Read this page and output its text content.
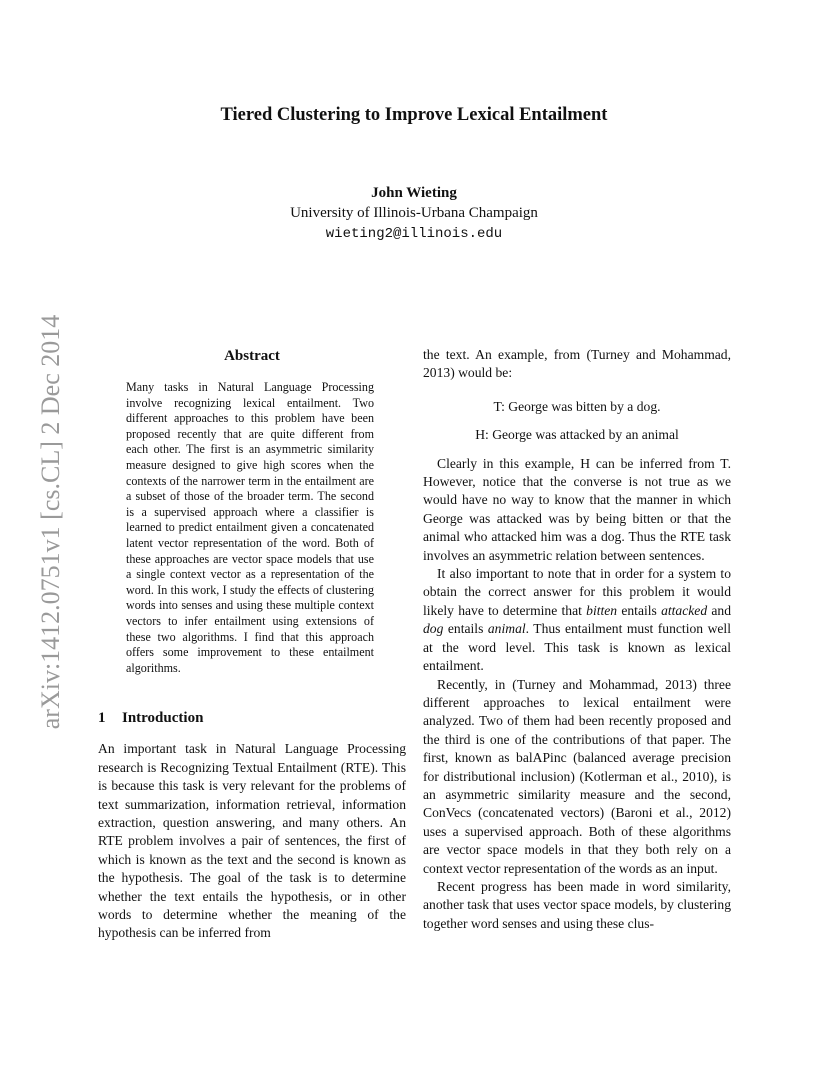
arXiv:1412.0751v1 [cs.CL] 2 Dec 2014
Tiered Clustering to Improve Lexical Entailment
John Wieting
University of Illinois-Urbana Champaign
wieting2@illinois.edu
Abstract

Many tasks in Natural Language Processing involve recognizing lexical entailment. Two different approaches to this problem have been proposed recently that are quite different from each other. The first is an asymmetric similarity measure designed to give high scores when the contexts of the narrower term in the entailment are a subset of those of the broader term. The second is a supervised approach where a classifier is learned to predict entailment given a concatenated latent vector representation of the word. Both of these approaches are vector space models that use a single context vector as a representation of the word. In this work, I study the effects of clustering words into senses and using these multiple context vectors to infer entailment using extensions of these two algorithms. I find that this approach offers some improvement to these entailment algorithms.

1 Introduction

An important task in Natural Language Processing research is Recognizing Textual Entailment (RTE). This is because this task is very relevant for the problems of text summarization, information retrieval, information extraction, question answering, and many others. An RTE problem involves a pair of sentences, the first of which is known as the text and the second is known as the hypothesis. The goal of the task is to determine whether the text entails the hypothesis, or in other words to determine whether the meaning of the hypothesis can be inferred from

the text. An example, from (Turney and Mohammad, 2013) would be:

T: George was bitten by a dog.

H: George was attacked by an animal

Clearly in this example, H can be inferred from T. However, notice that the converse is not true as we would have no way to know that the manner in which George was attacked was by being bitten or that the animal who attacked him was a dog. Thus the RTE task involves an asymmetric relation between sentences.

It also important to note that in order for a system to obtain the correct answer for this problem it would likely have to determine that bitten entails attacked and dog entails animal. Thus entailment must function well at the word level. This task is known as lexical entailment.

Recently, in (Turney and Mohammad, 2013) three different approaches to lexical entailment were analyzed. Two of them had been recently proposed and the third is one of the contributions of that paper. The first, known as balAPinc (balanced average precision for distributional inclusion) (Kotlerman et al., 2010), is an asymmetric similarity measure and the second, ConVecs (concatenated vectors) (Baroni et al., 2012) uses a supervised approach. Both of these algorithms are vector space models in that they both rely on a context vector representation of the words as an input.

Recent progress has been made in word similarity, another task that uses vector space models, by clustering together word senses and using these clus-
